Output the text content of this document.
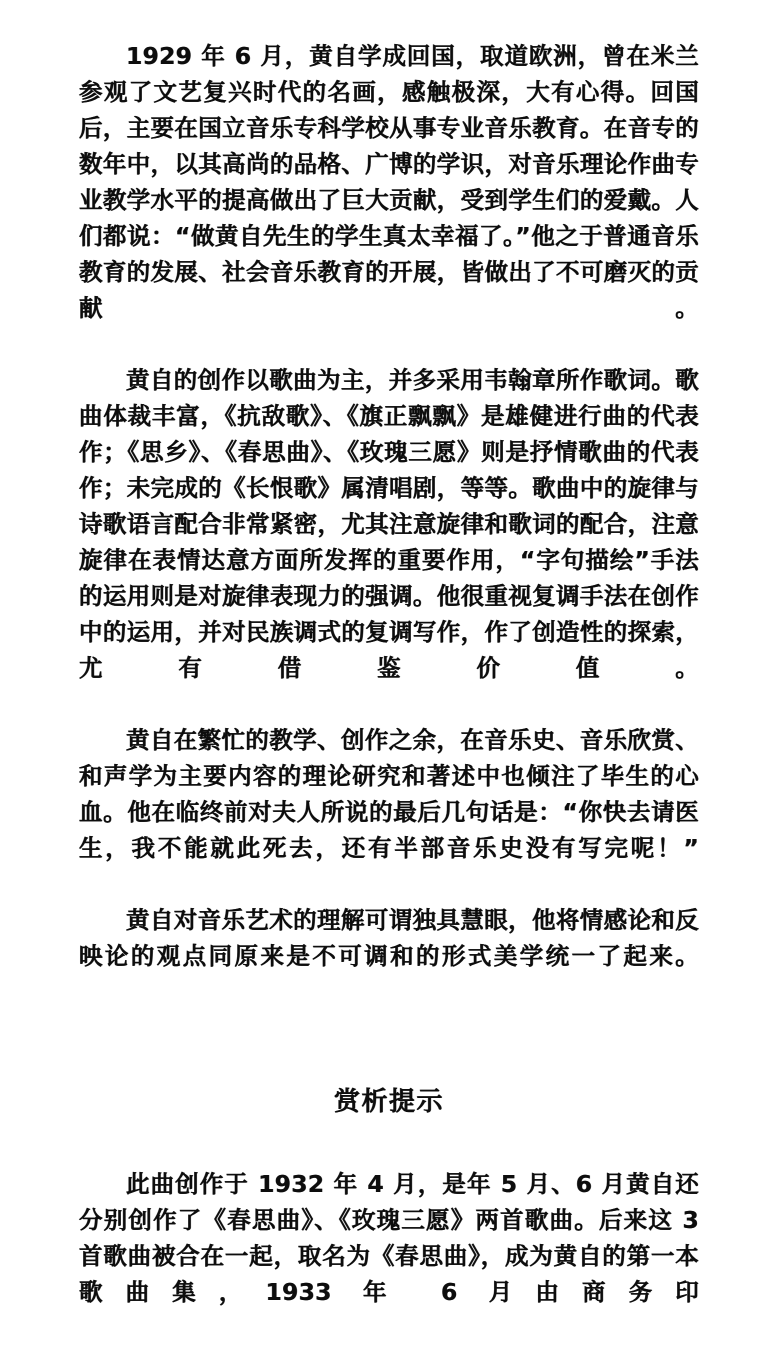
1929 年 6 月，黄自学成回国，取道欧洲，曾在米兰参观了文艺复兴时代的名画，感触极深，大有心得。回国后，主要在国立音乐专科学校从事专业音乐教育。在音专的数年中，以其高尚的品格、广博的学识，对音乐理论作曲专业教学水平的提高做出了巨大贡献，受到学生们的爱戴。人们都说：“做黄自先生的学生真太幸福了。”他之于普通音乐教育的发展、社会音乐教育的开展，皆做出了不可磨灭的贡献。

黄自的创作以歌曲为主，并多采用韦翰章所作歌词。歌曲体裁丰富，《抗敌歌》、《旗正飘飘》是雄健进行曲的代表作；《思乡》、《春思曲》、《玫瑰三愿》则是抒情歌曲的代表作；未完成的《长恨歌》属清唱剧，等等。歌曲中的旋律与诗歌语言配合非常紧密，尤其注意旋律和歌词的配合，注意旋律在表情达意方面所发挥的重要作用，“字句描绘”手法的运用则是对旋律表现力的强调。他很重视复调手法在创作中的运用，并对民族调式的复调写作，作了创造性的探索，尤有借鉴价值。

黄自在繁忙的教学、创作之余，在音乐史、音乐欣赏、和声学为主要内容的理论研究和著述中也倾注了毕生的心血。他在临终前对夫人所说的最后几句话是：“你快去请医生，我不能就此死去，还有半部音乐史没有写完呢！”

黄自对音乐艺术的理解可谓独具慧眼，他将情感论和反映论的观点同原来是不可调和的形式美学统一了起来。

赏析提示

此曲创作于 1932 年 4 月，是年 5 月、6 月黄自还分别创作了《春思曲》、《玫瑰三愿》两首歌曲。后来这 3 首歌曲被合在一起，取名为《春思曲》，成为黄自的第一本歌曲集，1933 年 6 月由商务印
